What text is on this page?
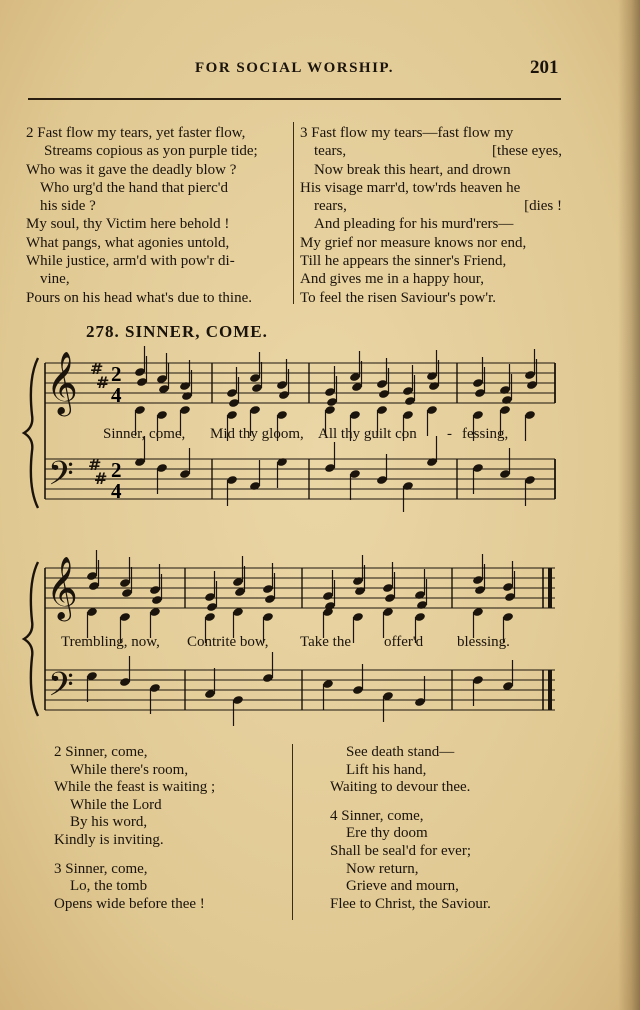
FOR SOCIAL WORSHIP.	201
2 Fast flow my tears, yet faster flow,
Streams copious as yon purple tide;
Who was it gave the deadly blow ?
Who urg'd the hand that pierc'd
his side ?
My soul, thy Victim here behold !
What pangs, what agonies untold,
While justice, arm'd with pow'r di-
vine,
Pours on his head what's due to thine.
3 Fast flow my tears—fast flow my
tears,	[these eyes,
Now break this heart, and drown
His visage marr'd, tow'rds heaven he
rears,	[dies !
And pleading for his murd'rers—
My grief nor measure knows nor end,
Till he appears the sinner's Friend,
And gives me in a happy hour,
To feel the risen Saviour's pow'r.
278. SINNER, COME.
𝄞
𝄢
#
#
#
#
𝄞
𝄢
2
4
2
4
Sinner, come, Mid thy gloom, All thy guilt con - fessing,
Trembling, now, Contrite bow, Take the offer'd blessing.
2 Sinner, come,
While there's room,
While the feast is waiting ;
While the Lord
By his word,
Kindly is inviting.
3 Sinner, come,
Lo, the tomb
Opens wide before thee !
See death stand—
Lift his hand,
Waiting to devour thee.
4 Sinner, come,
Ere thy doom
Shall be seal'd for ever;
Now return,
Grieve and mourn,
Flee to Christ, the Saviour.
